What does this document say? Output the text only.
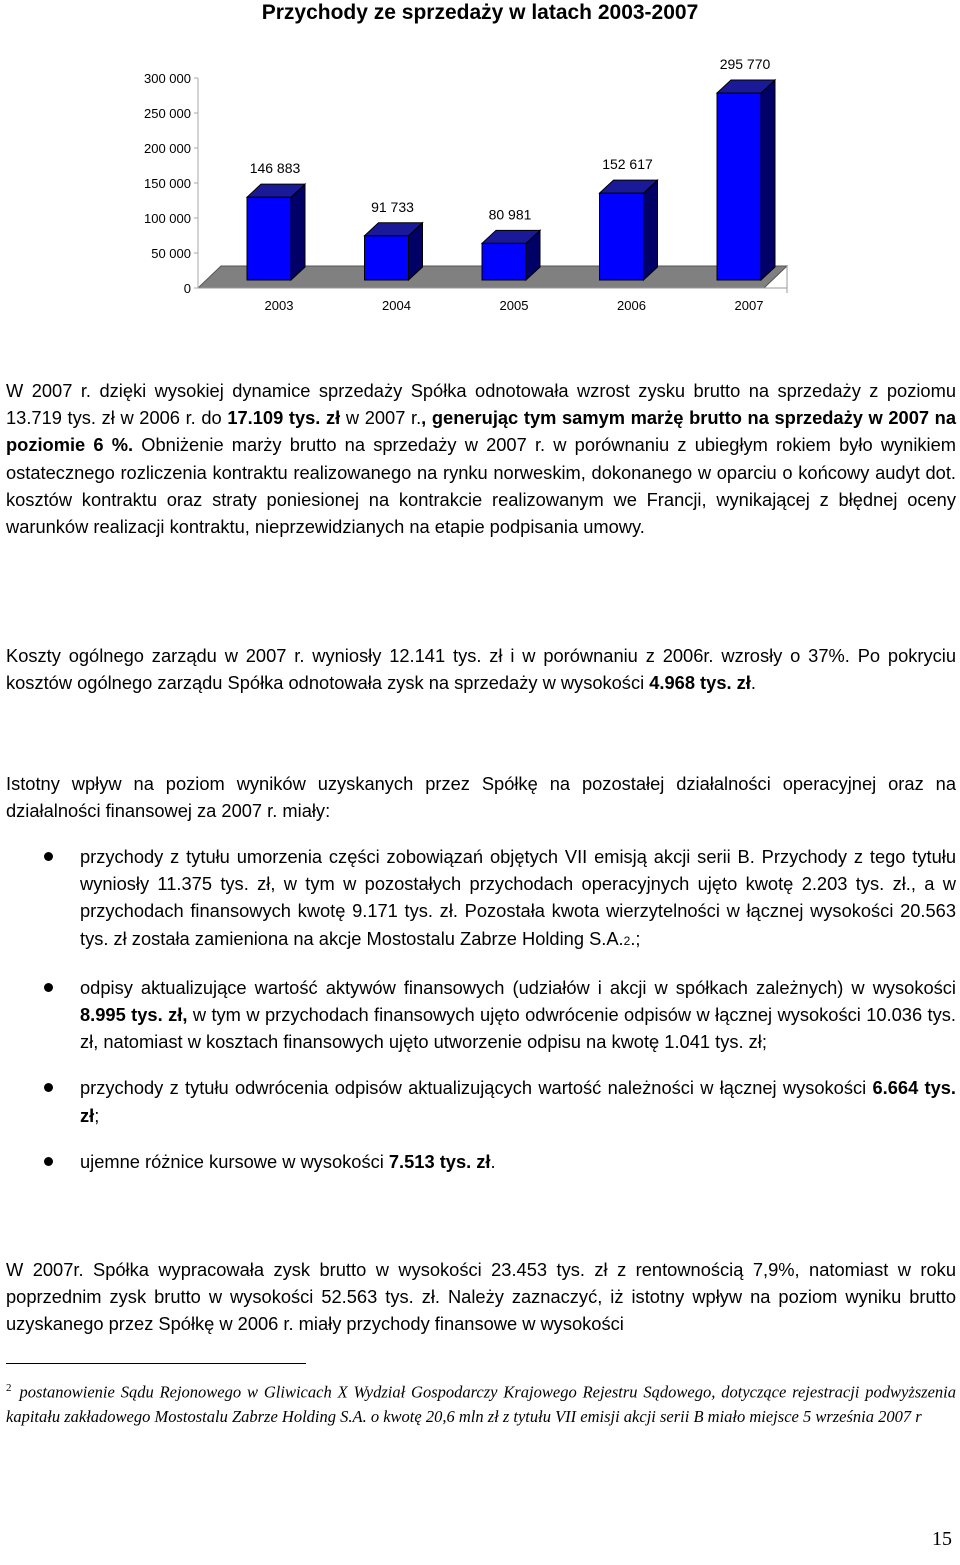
Przychody ze sprzedaży w latach 2003-2007
0
50 000
100 000
150 000
200 000
250 000
300 000
146 883
2003
91 733
2004
80 981
2005
152 617
2006
295 770
2007
W 2007 r. dzięki wysokiej dynamice sprzedaży Spółka odnotowała wzrost zysku brutto na sprzedaży z poziomu 13.719 tys. zł w 2006 r. do 17.109 tys. zł w 2007 r., generując tym samym marżę brutto na sprzedaży w 2007 na poziomie 6 %. Obniżenie marży brutto na sprzedaży w 2007 r. w porównaniu z ubiegłym rokiem było wynikiem ostatecznego rozliczenia kontraktu realizowanego na rynku norweskim, dokonanego w oparciu o końcowy audyt dot. kosztów kontraktu oraz straty poniesionej na kontrakcie realizowanym we Francji, wynikającej z błędnej oceny warunków realizacji kontraktu, nieprzewidzianych na etapie podpisania umowy.
Koszty ogólnego zarządu w 2007 r. wyniosły 12.141 tys. zł i w porównaniu z 2006r. wzrosły o 37%. Po pokryciu kosztów ogólnego zarządu Spółka odnotowała zysk na sprzedaży w wysokości 4.968 tys. zł.
Istotny wpływ na poziom wyników uzyskanych przez Spółkę na pozostałej działalności operacyjnej oraz na działalności finansowej za 2007 r. miały:
przychody z tytułu umorzenia części zobowiązań objętych VII emisją akcji serii B. Przychody z tego tytułu wyniosły 11.375 tys. zł, w tym w pozostałych przychodach operacyjnych ujęto kwotę 2.203 tys. zł., a w przychodach finansowych kwotę 9.171 tys. zł. Pozostała kwota wierzytelności w łącznej wysokości 20.563 tys. zł została zamieniona na akcje Mostostalu Zabrze Holding S.A.2.;
odpisy aktualizujące wartość aktywów finansowych (udziałów i akcji w spółkach zależnych) w wysokości 8.995 tys. zł, w tym w przychodach finansowych ujęto odwrócenie odpisów w łącznej wysokości 10.036 tys. zł, natomiast w kosztach finansowych ujęto utworzenie odpisu na kwotę 1.041 tys. zł;
przychody z tytułu odwrócenia odpisów aktualizujących wartość należności w łącznej wysokości 6.664 tys. zł;
ujemne różnice kursowe w wysokości 7.513 tys. zł.
W 2007r. Spółka wypracowała zysk brutto w wysokości 23.453 tys. zł z rentownością 7,9%, natomiast w roku poprzednim zysk brutto w wysokości 52.563 tys. zł. Należy zaznaczyć, iż istotny wpływ na poziom wyniku brutto uzyskanego przez Spółkę w 2006 r. miały przychody finansowe w wysokości
$^2$ postanowienie Sądu Rejonowego w Gliwicach X Wydział Gospodarczy Krajowego Rejestru Sądowego, dotyczące rejestracji podwyższenia kapitału zakładowego Mostostalu Zabrze Holding S.A. o kwotę 20,6 mln zł z tytułu VII emisji akcji serii B miało miejsce 5 września 2007 r
15
